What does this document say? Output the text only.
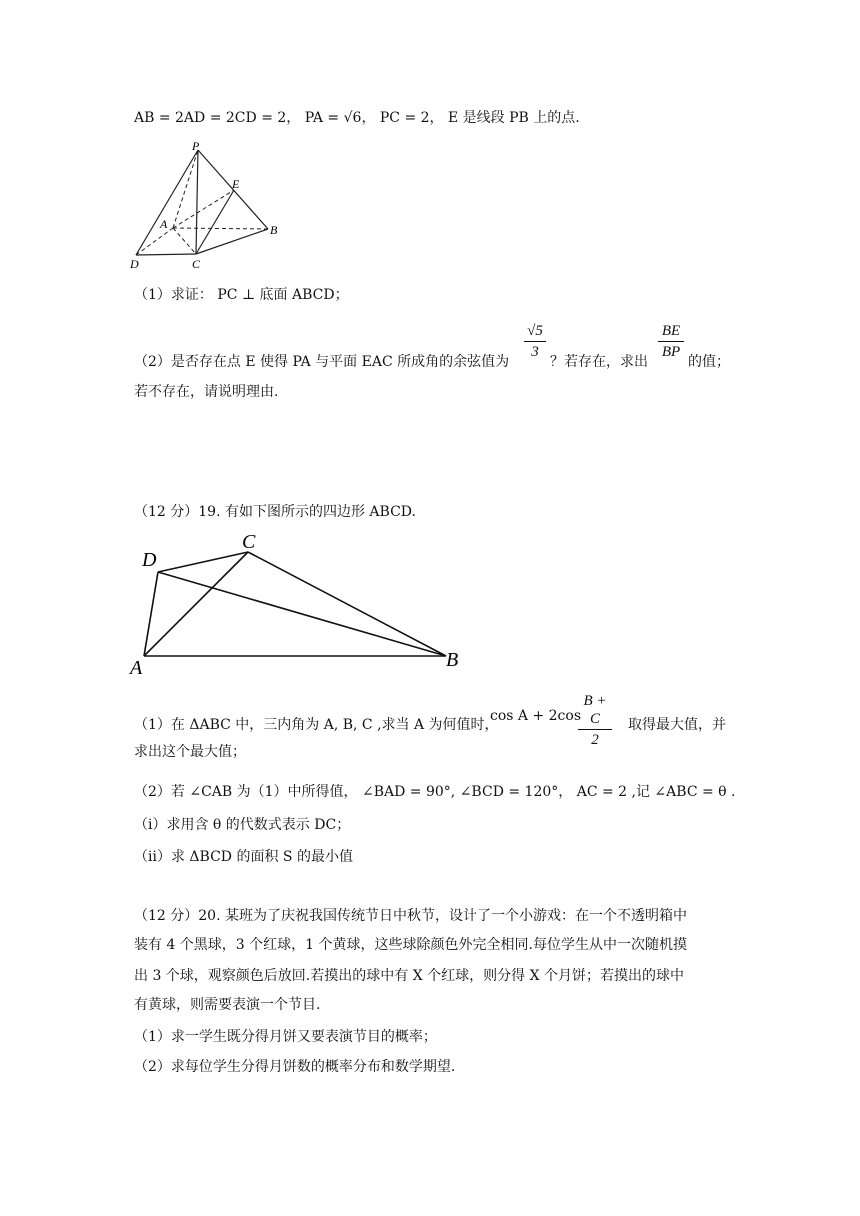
AB = 2AD = 2CD = 2， PA = √6， PC = 2， E 是线段 PB 上的点.
P
E
A	B
D	C
（1）求证： PC ⊥ 底面 ABCD；
（2）是否存在点 E 使得 PA 与平面 EAC 所成角的余弦值为
√5
3
？若存在，求出
BE
BP
的值；
若不存在，请说明理由.
（12 分）19. 有如下图所示的四边形 ABCD.
D
C
A	B
（1）在 ΔABC 中，三内角为 A, B, C ,求当 A 为何值时，
cos A + 2cos
B + C
2
取得最大值，并
求出这个最大值；
（2）若 ∠CAB 为（1）中所得值， ∠BAD = 90°, ∠BCD = 120°， AC = 2 ,记 ∠ABC = θ .
（ⅰ）求用含 θ 的代数式表示 DC；
（ⅱ）求 ΔBCD 的面积 S 的最小值
（12 分）20. 某班为了庆祝我国传统节日中秋节，设计了一个小游戏：在一个不透明箱中
装有 4 个黑球，3 个红球，1 个黄球，这些球除颜色外完全相同.每位学生从中一次随机摸
出 3 个球，观察颜色后放回.若摸出的球中有 X 个红球，则分得 X 个月饼；若摸出的球中
有黄球，则需要表演一个节目.
（1）求一学生既分得月饼又要表演节目的概率；
（2）求每位学生分得月饼数的概率分布和数学期望.
